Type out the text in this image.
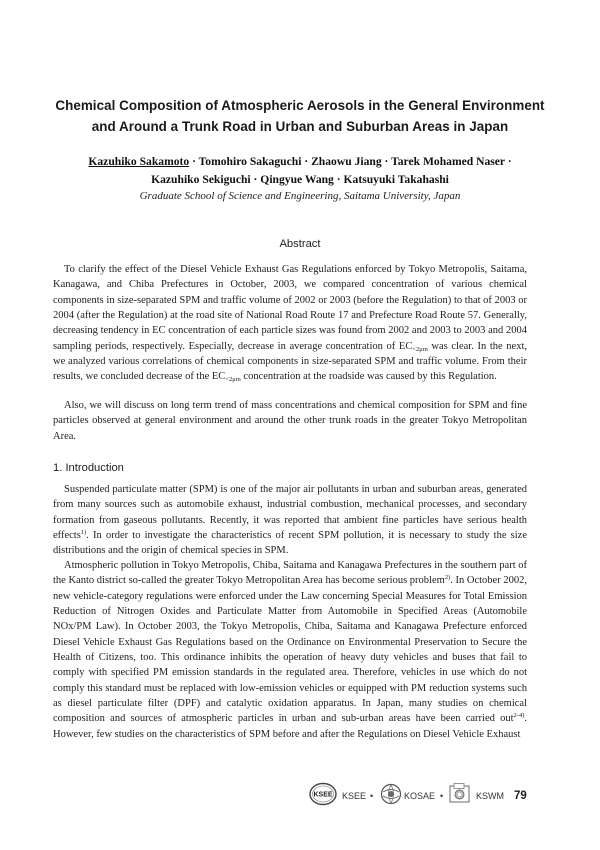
Chemical Composition of Atmospheric Aerosols in the General Environment
and Around a Trunk Road in Urban and Suburban Areas in Japan
Kazuhiko Sakamoto · Tomohiro Sakaguchi · Zhaowu Jiang · Tarek Mohamed Naser ·
Kazuhiko Sekiguchi · Qingyue Wang · Katsuyuki Takahashi
Graduate School of Science and Engineering, Saitama University, Japan
Abstract

To clarify the effect of the Diesel Vehicle Exhaust Gas Regulations enforced by Tokyo Metropolis, Saitama, Kanagawa, and Chiba Prefectures in October, 2003, we compared concentration of various chemical components in size-separated SPM and traffic volume of 2002 or 2003 (before the Regulation) to that of 2003 or 2004 (after the Regulation) at the road site of National Road Route 17 and Prefecture Road Route 57. Generally, decreasing tendency in EC concentration of each particle sizes was found from 2002 and 2003 to 2003 and 2004 sampling periods, respectively. Especially, decrease in average concentration of $EC_{<2\mu m}$ was clear. In the next, we analyzed various correlations of chemical components in size-separated SPM and traffic volume. From their results, we concluded decrease of the $EC_{<2\mu m}$ concentration at the roadside was caused by this Regulation.

Also, we will discuss on long term trend of mass concentrations and chemical composition for SPM and fine particles observed at general environment and around the other trunk roads in the greater Tokyo Metropolitan Area.

1. Introduction

Suspended particulate matter (SPM) is one of the major air pollutants in urban and suburban areas, generated from many sources such as automobile exhaust, industrial combustion, mechanical processes, and secondary formation from gaseous pollutants. Recently, it was reported that ambient fine particles have serious health effects$^{1)}$. In order to investigate the characteristics of recent SPM pollution, it is necessary to study the size distributions and the origin of chemical species in SPM.

Atmospheric pollution in Tokyo Metropolis, Chiba, Saitama and Kanagawa Prefectures in the southern part of the Kanto district so-called the greater Tokyo Metropolitan Area has become serious problem$^{2)}$. In October 2002, new vehicle-category regulations were enforced under the Law concerning Special Measures for Total Emission Reduction of Nitrogen Oxides and Particulate Matter from Automobile in Specified Areas (Automobile NOx/PM Law). In October 2003, the Tokyo Metropolis, Chiba, Saitama and Kanagawa Prefecture enforced Diesel Vehicle Exhaust Gas Regulations based on the Ordinance on Environmental Preservation to Secure the Health of Citizens, too. This ordinance inhibits the operation of heavy duty vehicles and buses that fail to comply with specified PM emission standards in the regulated area. Therefore, vehicles in use which do not comply this standard must be replaced with low-emission vehicles or equipped with PM reduction systems such as diesel particulate filter (DPF) and catalytic oxidation apparatus. In Japan, many studies on chemical composition and sources of atmospheric particles in urban and sub-urban areas have been carried out$^{2-4)}$. However, few studies on the characteristics of SPM before and after the Regulations on Diesel Vehicle Exhaust

KSEE KSEE •	KOSAE •	KSWM 79
